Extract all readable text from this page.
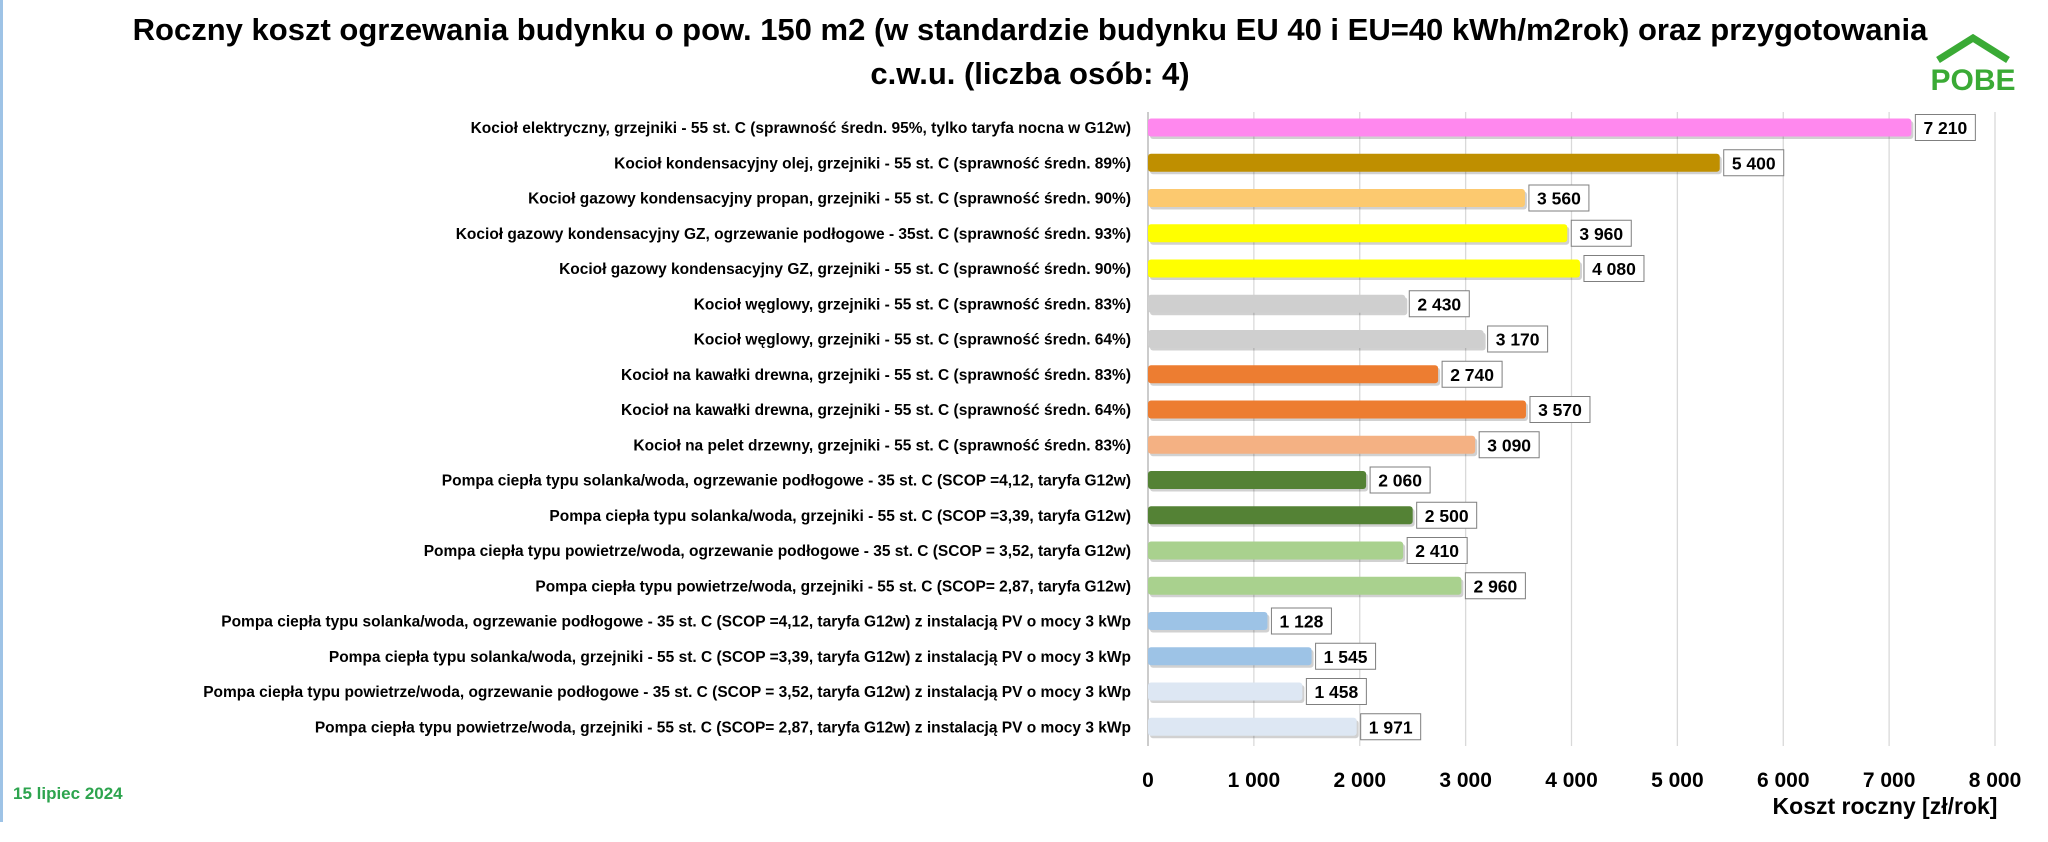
Roczny koszt ogrzewania budynku o pow. 150 m2 (w standardzie budynku EU 40 i EU=40 kWh/m2rok) oraz przygotowania c.w.u. (liczba osób: 4)	POBE
15 lipiec 2024
7 210
5 400
3 560
3 960
4 080
2 430
3 170
2 740
3 570
3 090
2 060
2 500
2 410
2 960
1 128
1 545
1 458
1 971
Kocioł elektryczny, grzejniki - 55 st. C (sprawność średn. 95%, tylko taryfa nocna w G12w)
Kocioł kondensacyjny olej, grzejniki - 55 st. C (sprawność średn. 89%)
Kocioł gazowy kondensacyjny propan, grzejniki - 55 st. C (sprawność średn. 90%)
Kocioł gazowy kondensacyjny GZ, ogrzewanie podłogowe - 35st. C (sprawność średn. 93%)
Kocioł gazowy kondensacyjny GZ, grzejniki - 55 st. C (sprawność średn. 90%)
Kocioł węglowy, grzejniki - 55 st. C (sprawność średn. 83%)
Kocioł węglowy, grzejniki - 55 st. C (sprawność średn. 64%)
Kocioł na kawałki drewna, grzejniki - 55 st. C (sprawność średn. 83%)
Kocioł na kawałki drewna, grzejniki - 55 st. C (sprawność średn. 64%)
Kocioł na pelet drzewny, grzejniki - 55 st. C (sprawność średn. 83%)
Pompa ciepła typu solanka/woda, ogrzewanie podłogowe - 35 st. C (SCOP =4,12, taryfa G12w)
Pompa ciepła typu solanka/woda, grzejniki - 55 st. C (SCOP =3,39, taryfa G12w)
Pompa ciepła typu powietrze/woda, ogrzewanie podłogowe - 35 st. C (SCOP = 3,52, taryfa G12w)
Pompa ciepła typu powietrze/woda, grzejniki - 55 st. C (SCOP= 2,87, taryfa G12w)
Pompa ciepła typu solanka/woda, ogrzewanie podłogowe - 35 st. C (SCOP =4,12, taryfa G12w) z instalacją PV o mocy 3 kWp
Pompa ciepła typu solanka/woda, grzejniki - 55 st. C (SCOP =3,39, taryfa G12w) z instalacją PV o mocy 3 kWp
Pompa ciepła typu powietrze/woda, ogrzewanie podłogowe - 35 st. C (SCOP = 3,52, taryfa G12w) z instalacją PV o mocy 3 kWp
Pompa ciepła typu powietrze/woda, grzejniki - 55 st. C (SCOP= 2,87, taryfa G12w) z instalacją PV o mocy 3 kWp
0	1 000	2 000	3 000	4 000	5 000	6 000	7 000	8 000
Koszt roczny [zł/rok]
